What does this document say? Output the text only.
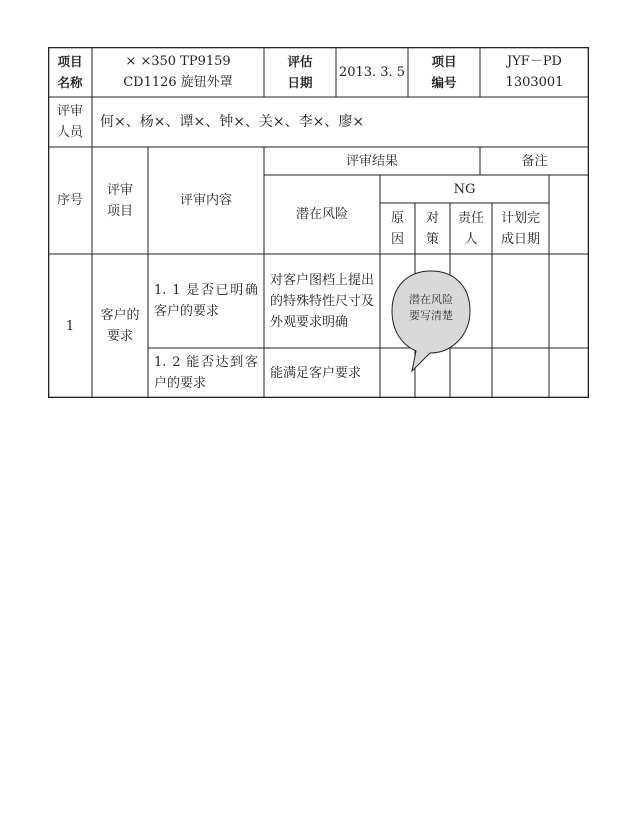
项目
名称
× ×350 TP9159
CD1126 旋钮外罩
评估
日期
2013. 3. 5
项目
编号
JYF－PD
1303001
评审
人员
何×、杨×、谭×、钟×、关×、李×、廖×
序号
评审
项目
评审内容
评审结果	备注
潜在风险
NG
原
因
对
策
责任
人
计划完
成日期
1
客户的
要求
1. 1 是否已明确客户的要求
对客户图档上提出的特殊特性尺寸及外观要求明确
1. 2 能否达到客户的要求
能满足客户要求
潜在风险
要写清楚
